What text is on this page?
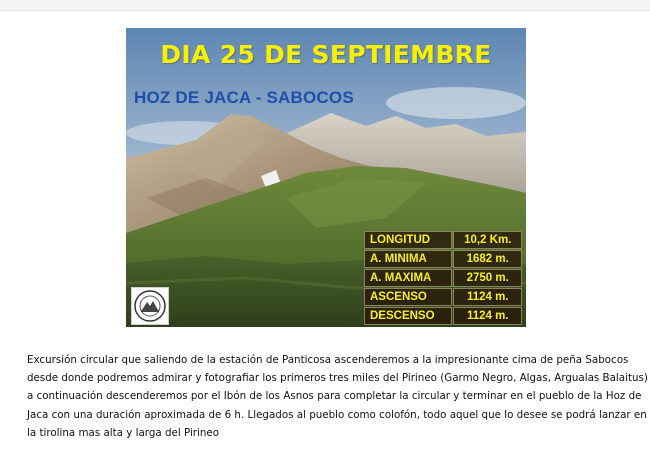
DIA 25 DE SEPTIEMBRE
HOZ DE JACA - SABOCOS
LONGITUD	10,2 Km.
A. MINIMA	1682 m.
A. MAXIMA	2750 m.
ASCENSO	1124 m.
DESCENSO	1124 m.
Excursión circular que saliendo de la estación de Panticosa ascenderemos a la impresionante cima de peña Sabocos
desde donde podremos admirar y fotografiar los primeros tres miles del Pirineo (Garmo Negro, Algas, Argualas Balaitus)
a continuación descenderemos por el Ibón de los Asnos para completar la circular y terminar en el pueblo de la Hoz de
Jaca con una duración aproximada de 6 h. Llegados al pueblo como colofón, todo aquel que lo desee se podrá lanzar en
la tirolina mas alta y larga del Pirineo
